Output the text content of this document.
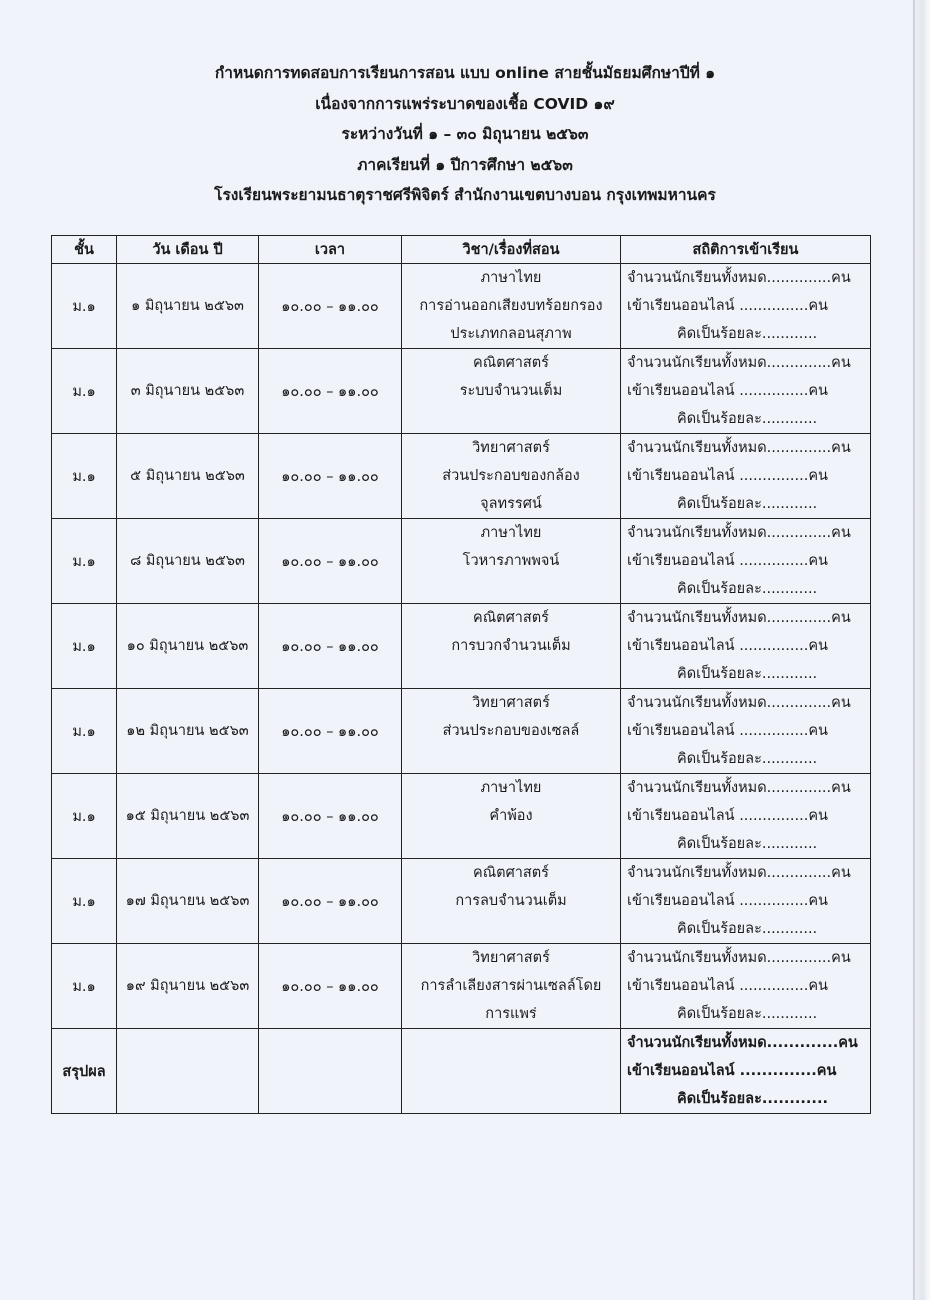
กำหนดการทดสอบการเรียนการสอน แบบ online สายชั้นมัธยมศึกษาปีที่ ๑
เนื่องจากการแพร่ระบาดของเชื้อ COVID ๑๙
ระหว่างวันที่ ๑ – ๓๐ มิถุนายน ๒๕๖๓
ภาคเรียนที่ ๑ ปีการศึกษา ๒๕๖๓
โรงเรียนพระยามนธาตุราชศรีพิจิตร์ สำนักงานเขตบางบอน กรุงเทพมหานคร
ชั้น	วัน เดือน ปี	เวลา	วิชา/เรื่องที่สอน	สถิติการเข้าเรียน
ม.๑	๑ มิถุนายน ๒๕๖๓	๑๐.๐๐ – ๑๑.๐๐	ภาษาไทย
การอ่านออกเสียงบทร้อยกรอง
ประเภทกลอนสุภาพ	จำนวนนักเรียนทั้งหมด..............คน
เข้าเรียนออนไลน์ ...............คน
คิดเป็นร้อยละ............

ม.๑	๓ มิถุนายน ๒๕๖๓	๑๐.๐๐ – ๑๑.๐๐	คณิตศาสตร์
ระบบจำนวนเต็ม	จำนวนนักเรียนทั้งหมด..............คน
เข้าเรียนออนไลน์ ...............คน
คิดเป็นร้อยละ............

ม.๑	๕ มิถุนายน ๒๕๖๓	๑๐.๐๐ – ๑๑.๐๐	วิทยาศาสตร์
ส่วนประกอบของกล้อง
จุลทรรศน์	จำนวนนักเรียนทั้งหมด..............คน
เข้าเรียนออนไลน์ ...............คน
คิดเป็นร้อยละ............

ม.๑	๘ มิถุนายน ๒๕๖๓	๑๐.๐๐ – ๑๑.๐๐	ภาษาไทย
โวหารภาพพจน์	จำนวนนักเรียนทั้งหมด..............คน
เข้าเรียนออนไลน์ ...............คน
คิดเป็นร้อยละ............

ม.๑	๑๐ มิถุนายน ๒๕๖๓	๑๐.๐๐ – ๑๑.๐๐	คณิตศาสตร์
การบวกจำนวนเต็ม	จำนวนนักเรียนทั้งหมด..............คน
เข้าเรียนออนไลน์ ...............คน
คิดเป็นร้อยละ............

ม.๑	๑๒ มิถุนายน ๒๕๖๓	๑๐.๐๐ – ๑๑.๐๐	วิทยาศาสตร์
ส่วนประกอบของเซลล์	จำนวนนักเรียนทั้งหมด..............คน
เข้าเรียนออนไลน์ ...............คน
คิดเป็นร้อยละ............

ม.๑	๑๕ มิถุนายน ๒๕๖๓	๑๐.๐๐ – ๑๑.๐๐	ภาษาไทย
คำพ้อง	จำนวนนักเรียนทั้งหมด..............คน
เข้าเรียนออนไลน์ ...............คน
คิดเป็นร้อยละ............

ม.๑	๑๗ มิถุนายน ๒๕๖๓	๑๐.๐๐ – ๑๑.๐๐	คณิตศาสตร์
การลบจำนวนเต็ม	จำนวนนักเรียนทั้งหมด..............คน
เข้าเรียนออนไลน์ ...............คน
คิดเป็นร้อยละ............

ม.๑	๑๙ มิถุนายน ๒๕๖๓	๑๐.๐๐ – ๑๑.๐๐	วิทยาศาสตร์
การลำเลียงสารผ่านเซลล์โดย
การแพร่	จำนวนนักเรียนทั้งหมด..............คน
เข้าเรียนออนไลน์ ...............คน
คิดเป็นร้อยละ............

สรุปผล				จำนวนนักเรียนทั้งหมด.............คน
เข้าเรียนออนไลน์ ..............คน
คิดเป็นร้อยละ............
